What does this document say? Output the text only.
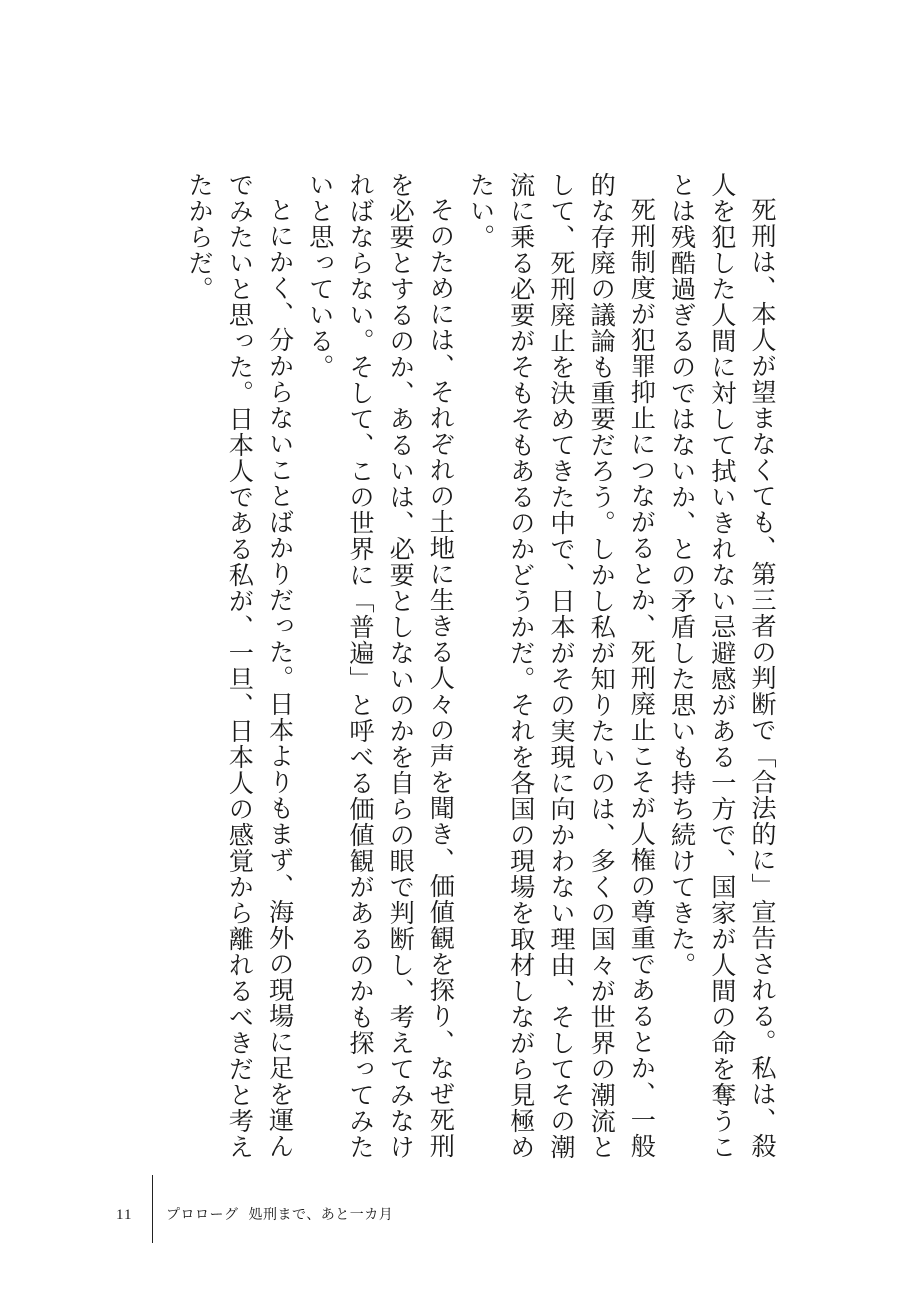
死刑は、本人が望まなくても、第三者の判断で「合法的に」宣告される。私は、殺人を犯した人間に対して拭いきれない忌避感がある一方で、国家が人間の命を奪うことは残酷過ぎるのではないか、との矛盾した思いも持ち続けてきた。

死刑制度が犯罪抑止につながるとか、死刑廃止こそが人権の尊重であるとか、一般的な存廃の議論も重要だろう。しかし私が知りたいのは、多くの国々が世界の潮流として、死刑廃止を決めてきた中で、日本がその実現に向かわない理由、そしてその潮流に乗る必要がそもそもあるのかどうかだ。それを各国の現場を取材しながら見極めたい。

そのためには、それぞれの土地に生きる人々の声を聞き、価値観を探り、なぜ死刑を必要とするのか、あるいは、必要としないのかを自らの眼で判断し、考えてみなければならない。そして、この世界に「普遍」と呼べる価値観があるのかも探ってみたいと思っている。

とにかく、分からないことばかりだった。日本よりもまず、海外の現場に足を運んでみたいと思った。日本人である私が、一旦、日本人の感覚から離れるべきだと考えたからだ。

11 プロローグ 処刑まで、あと一カ月
